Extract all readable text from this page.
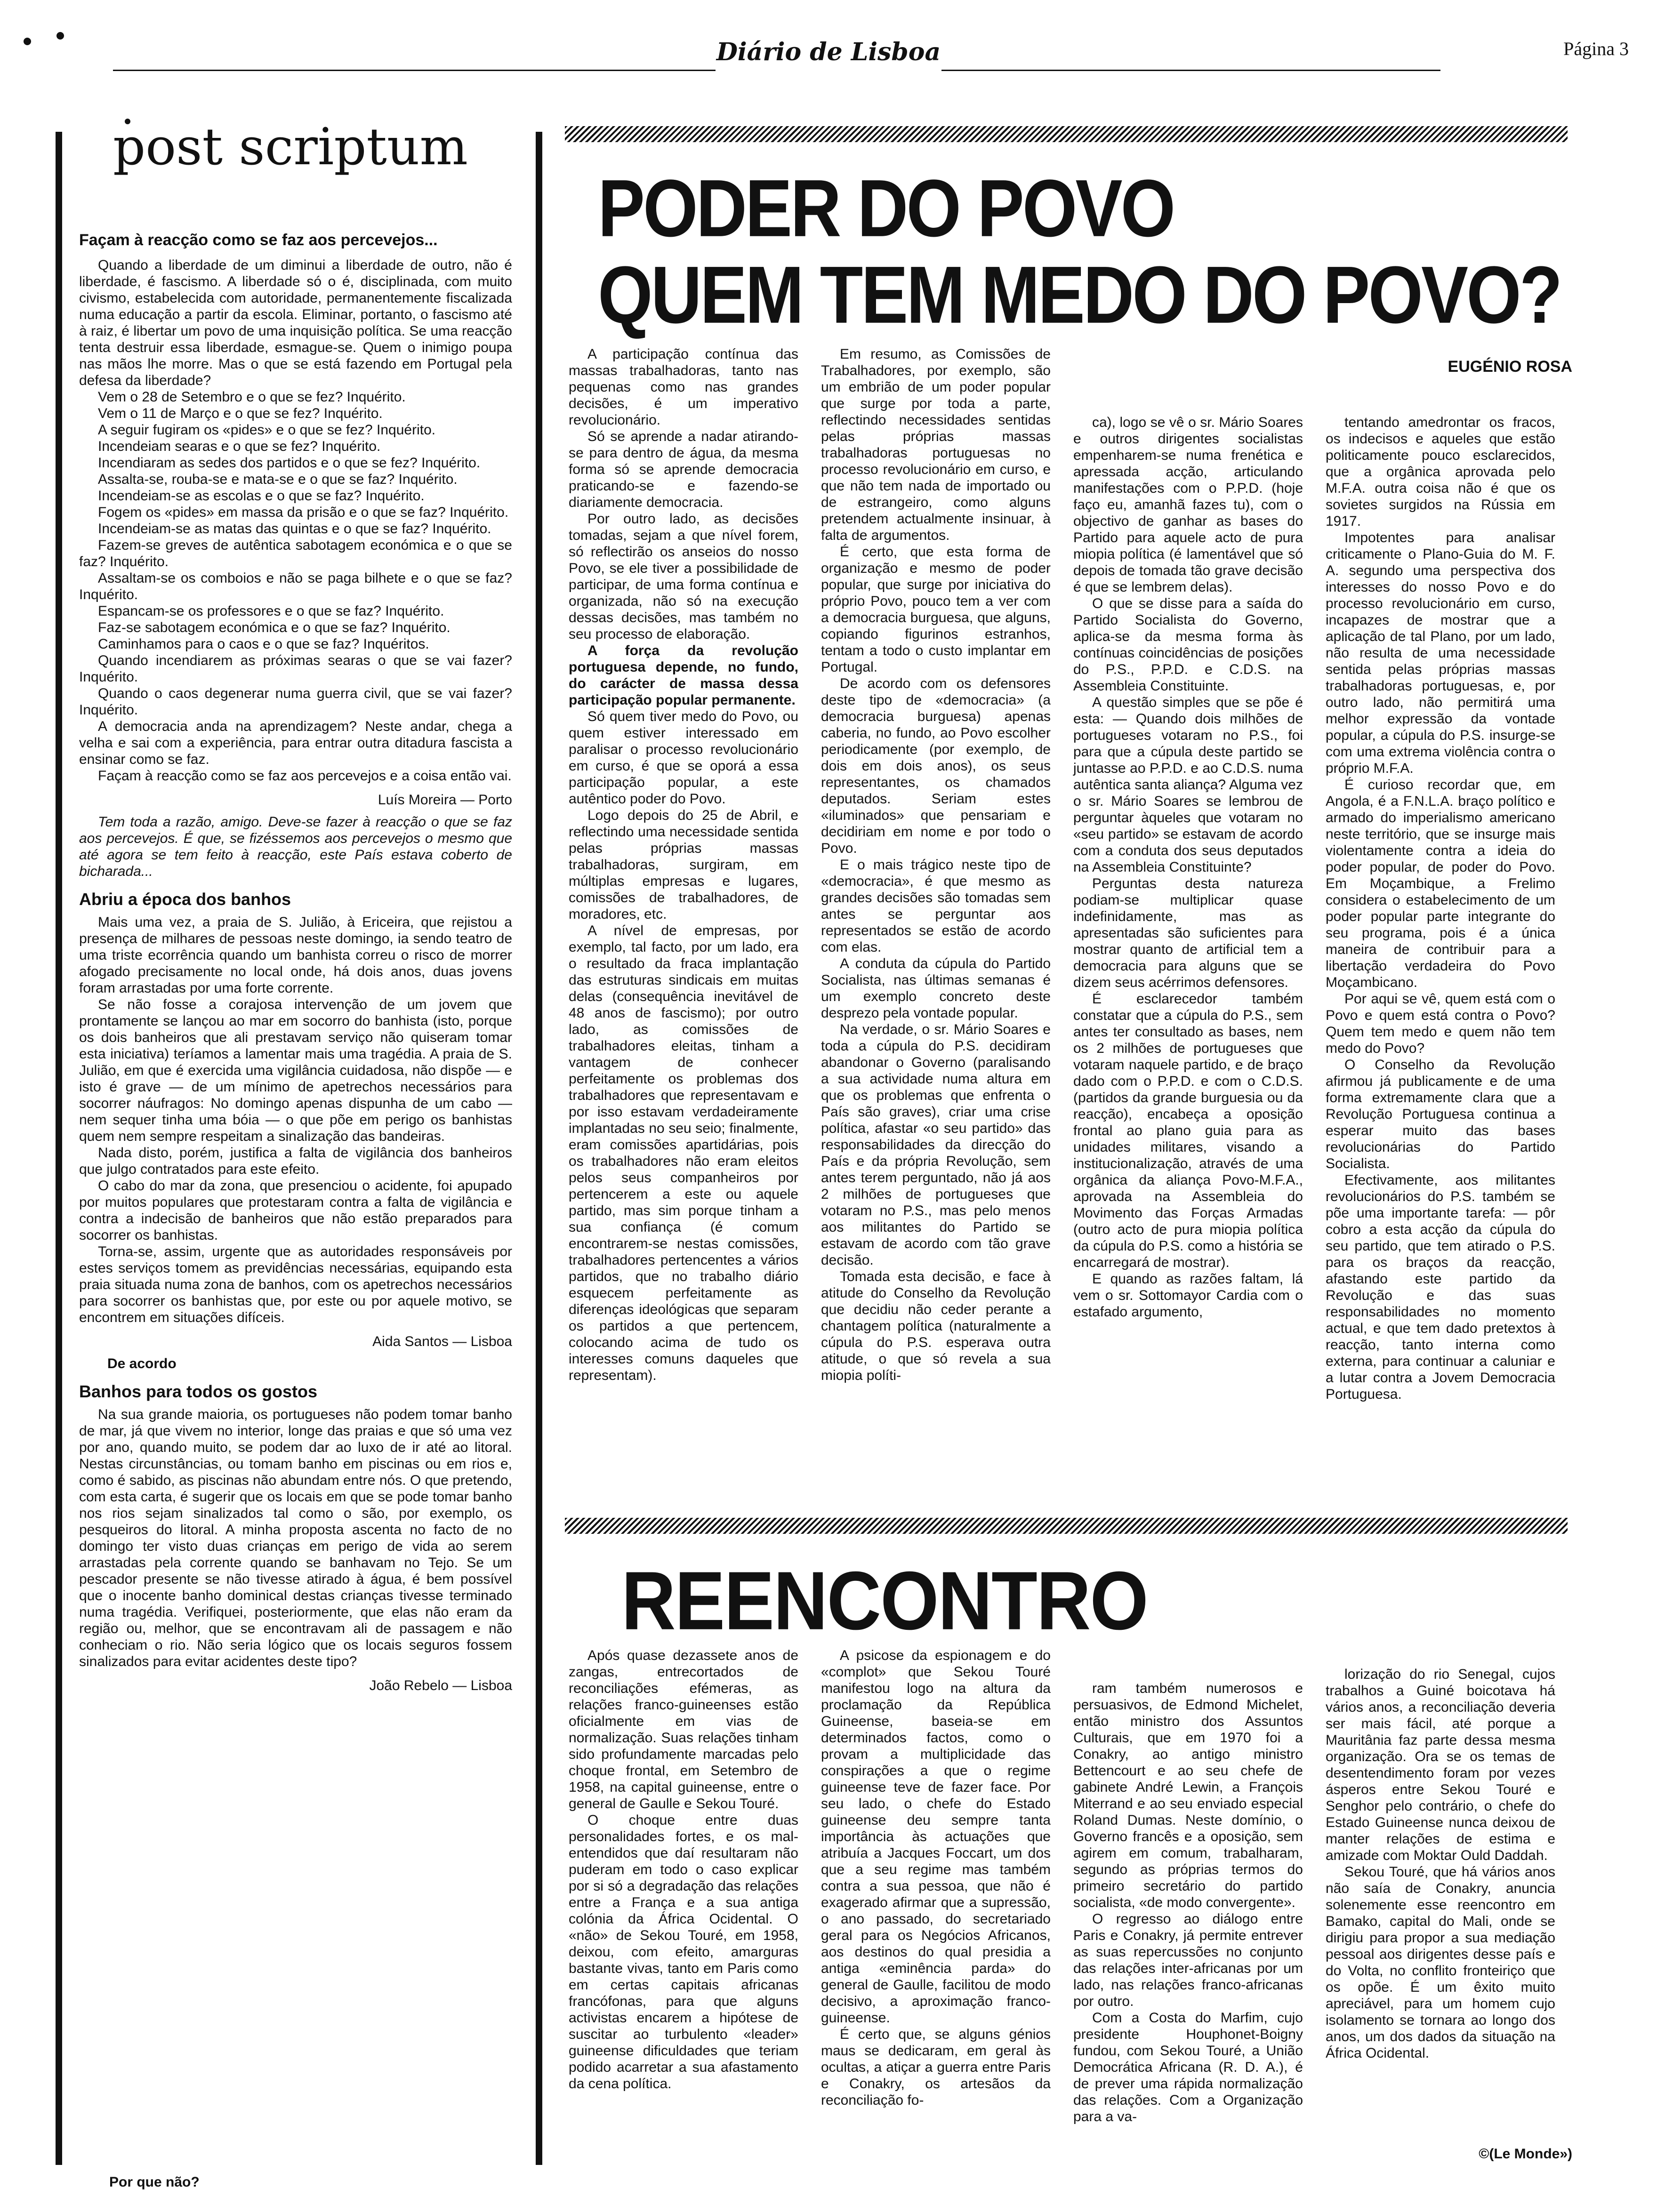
Diário de Lisboa	Página 3
post scriptum
Façam à reacção como se faz aos percevejos...

Quando a liberdade de um diminui a liberdade de outro, não é liberdade, é fascismo. A liberdade só o é, disciplinada, com muito civismo, estabelecida com autoridade, permanentemente fiscalizada numa educação a partir da escola. Eliminar, portanto, o fascismo até à raiz, é libertar um povo de uma inquisição política. Se uma reacção tenta destruir essa liberdade, esmague-se. Quem o inimigo poupa nas mãos lhe morre. Mas o que se está fazendo em Portugal pela defesa da liberdade?

Vem o 28 de Setembro e o que se fez? Inquérito.

Vem o 11 de Março e o que se fez? Inquérito.

A seguir fugiram os «pides» e o que se fez? Inquérito.

Incendeiam searas e o que se fez? Inquérito.

Incendiaram as sedes dos partidos e o que se fez? Inquérito.

Assalta-se, rouba-se e mata-se e o que se faz? Inquérito.

Incendeiam-se as escolas e o que se faz? Inquérito.

Fogem os «pides» em massa da prisão e o que se faz? Inquérito.

Incendeiam-se as matas das quintas e o que se faz? Inquérito.

Fazem-se greves de autêntica sabotagem económica e o que se faz? Inquérito.

Assaltam-se os comboios e não se paga bilhete e o que se faz? Inquérito.

Espancam-se os professores e o que se faz? Inquérito.

Faz-se sabotagem económica e o que se faz? Inquérito.

Caminhamos para o caos e o que se faz? Inquéritos.

Quando incendiarem as próximas searas o que se vai fazer? Inquérito.

Quando o caos degenerar numa guerra civil, que se vai fazer? Inquérito.

A democracia anda na aprendizagem? Neste andar, chega a velha e sai com a experiência, para entrar outra ditadura fascista a ensinar como se faz.

Façam à reacção como se faz aos percevejos e a coisa então vai.

Luís Moreira — Porto

Tem toda a razão, amigo. Deve-se fazer à reacção o que se faz aos percevejos. É que, se fizéssemos aos percevejos o mesmo que até agora se tem feito à reacção, este País estava coberto de bicharada...

Abriu a época dos banhos

Mais uma vez, a praia de S. Julião, à Ericeira, que rejistou a presença de milhares de pessoas neste domingo, ia sendo teatro de uma triste ecorrência quando um banhista correu o risco de morrer afogado precisamente no local onde, há dois anos, duas jovens foram arrastadas por uma forte corrente.

Se não fosse a corajosa intervenção de um jovem que prontamente se lançou ao mar em socorro do banhista (isto, porque os dois banheiros que ali prestavam serviço não quiseram tomar esta iniciativa) teríamos a lamentar mais uma tragédia. A praia de S. Julião, em que é exercida uma vigilância cuidadosa, não dispõe — e isto é grave — de um mínimo de apetrechos necessários para socorrer náufragos: No domingo apenas dispunha de um cabo — nem sequer tinha uma bóia — o que põe em perigo os banhistas quem nem sempre respeitam a sinalização das bandeiras.

Nada disto, porém, justifica a falta de vigilância dos banheiros que julgo contratados para este efeito.

O cabo do mar da zona, que presenciou o acidente, foi apupado por muitos populares que protestaram contra a falta de vigilância e contra a indecisão de banheiros que não estão preparados para socorrer os banhistas.

Torna-se, assim, urgente que as autoridades responsáveis por estes serviços tomem as previdências necessárias, equipando esta praia situada numa zona de banhos, com os apetrechos necessários para socorrer os banhistas que, por este ou por aquele motivo, se encontrem em situações difíceis.

Aida Santos — Lisboa

De acordo

Banhos para todos os gostos

Na sua grande maioria, os portugueses não podem tomar banho de mar, já que vivem no interior, longe das praias e que só uma vez por ano, quando muito, se podem dar ao luxo de ir até ao litoral. Nestas circunstâncias, ou tomam banho em piscinas ou em rios e, como é sabido, as piscinas não abundam entre nós. O que pretendo, com esta carta, é sugerir que os locais em que se pode tomar banho nos rios sejam sinalizados tal como o são, por exemplo, os pesqueiros do litoral. A minha proposta ascenta no facto de no domingo ter visto duas crianças em perigo de vida ao serem arrastadas pela corrente quando se banhavam no Tejo. Se um pescador presente se não tivesse atirado à água, é bem possível que o inocente banho dominical destas crianças tivesse terminado numa tragédia. Verifiquei, posteriormente, que elas não eram da região ou, melhor, que se encontravam ali de passagem e não conheciam o rio. Não seria lógico que os locais seguros fossem sinalizados para evitar acidentes deste tipo?

João Rebelo — Lisboa
Por que não?
PODER DO POVO
QUEM TEM MEDO DO POVO?
EUGÉNIO ROSA

A participação contínua das massas trabalhadoras, tanto nas pequenas como nas grandes decisões, é um imperativo revolucionário.

Só se aprende a nadar atirando-se para dentro de água, da mesma forma só se aprende democracia praticando-se e fazendo-se diariamente democracia.

Por outro lado, as decisões tomadas, sejam a que nível forem, só reflectirão os anseios do nosso Povo, se ele tiver a possibilidade de participar, de uma forma contínua e organizada, não só na execução dessas decisões, mas também no seu processo de elaboração.

A força da revolução portuguesa depende, no fundo, do carácter de massa dessa participação popular permanente.

Só quem tiver medo do Povo, ou quem estiver interessado em paralisar o processo revolucionário em curso, é que se oporá a essa participação popular, a este autêntico poder do Povo.

Logo depois do 25 de Abril, e reflectindo uma necessidade sentida pelas próprias massas trabalhadoras, surgiram, em múltiplas empresas e lugares, comissões de trabalhadores, de moradores, etc.

A nível de empresas, por exemplo, tal facto, por um lado, era o resultado da fraca implantação das estruturas sindicais em muitas delas (consequência inevitável de 48 anos de fascismo); por outro lado, as comissões de trabalhadores eleitas, tinham a vantagem de conhecer perfeitamente os problemas dos trabalhadores que representavam e por isso estavam verdadeiramente implantadas no seu seio; finalmente, eram comissões apartidárias, pois os trabalhadores não eram eleitos pelos seus companheiros por pertencerem a este ou aquele partido, mas sim porque tinham a sua confiança (é comum encontrarem-se nestas comissões, trabalhadores pertencentes a vários partidos, que no trabalho diário esquecem perfeitamente as diferenças ideológicas que separam os partidos a que pertencem, colocando acima de tudo os interesses comuns daqueles que representam).

Em resumo, as Comissões de Trabalhadores, por exemplo, são um embrião de um poder popular que surge por toda a parte, reflectindo necessidades sentidas pelas próprias massas trabalhadoras portuguesas no processo revolucionário em curso, e que não tem nada de importado ou de estrangeiro, como alguns pretendem actualmente insinuar, à falta de argumentos.

É certo, que esta forma de organização e mesmo de poder popular, que surge por iniciativa do próprio Povo, pouco tem a ver com a democracia burguesa, que alguns, copiando figurinos estranhos, tentam a todo o custo implantar em Portugal.

De acordo com os defensores deste tipo de «democracia» (a democracia burguesa) apenas caberia, no fundo, ao Povo escolher periodicamente (por exemplo, de dois em dois anos), os seus representantes, os chamados deputados. Seriam estes «iluminados» que pensariam e decidiriam em nome e por todo o Povo.

E o mais trágico neste tipo de «democracia», é que mesmo as grandes decisões são tomadas sem antes se perguntar aos representados se estão de acordo com elas.

A conduta da cúpula do Partido Socialista, nas últimas semanas é um exemplo concreto deste desprezo pela vontade popular.

Na verdade, o sr. Mário Soares e toda a cúpula do P.S. decidiram abandonar o Governo (paralisando a sua actividade numa altura em que os problemas que enfrenta o País são graves), criar uma crise política, afastar «o seu partido» das responsabilidades da direcção do País e da própria Revolução, sem antes terem perguntado, não já aos 2 milhões de portugueses que votaram no P.S., mas pelo menos aos militantes do Partido se estavam de acordo com tão grave decisão.

Tomada esta decisão, e face à atitude do Conselho da Revolução que decidiu não ceder perante a chantagem política (naturalmente a cúpula do P.S. esperava outra atitude, o que só revela a sua miopia políti-

ca), logo se vê o sr. Mário Soares e outros dirigentes socialistas empenharem-se numa frenética e apressada acção, articulando manifestações com o P.P.D. (hoje faço eu, amanhã fazes tu), com o objectivo de ganhar as bases do Partido para aquele acto de pura miopia política (é lamentável que só depois de tomada tão grave decisão é que se lembrem delas).

O que se disse para a saída do Partido Socialista do Governo, aplica-se da mesma forma às contínuas coincidências de posições do P.S., P.P.D. e C.D.S. na Assembleia Constituinte.

A questão simples que se põe é esta: — Quando dois milhões de portugueses votaram no P.S., foi para que a cúpula deste partido se juntasse ao P.P.D. e ao C.D.S. numa autêntica santa aliança? Alguma vez o sr. Mário Soares se lembrou de perguntar àqueles que votaram no «seu partido» se estavam de acordo com a conduta dos seus deputados na Assembleia Constituinte?

Perguntas desta natureza podiam-se multiplicar quase indefinidamente, mas as apresentadas são suficientes para mostrar quanto de artificial tem a democracia para alguns que se dizem seus acérrimos defensores.

É esclarecedor também constatar que a cúpula do P.S., sem antes ter consultado as bases, nem os 2 milhões de portugueses que votaram naquele partido, e de braço dado com o P.P.D. e com o C.D.S. (partidos da grande burguesia ou da reacção), encabeça a oposição frontal ao plano guia para as unidades militares, visando a institucionalização, através de uma orgânica da aliança Povo-M.F.A., aprovada na Assembleia do Movimento das Forças Armadas (outro acto de pura miopia política da cúpula do P.S. como a história se encarregará de mostrar).

E quando as razões faltam, lá vem o sr. Sottomayor Cardia com o estafado argumento,

tentando amedrontar os fracos, os indecisos e aqueles que estão politicamente pouco esclarecidos, que a orgânica aprovada pelo M.F.A. outra coisa não é que os sovietes surgidos na Rússia em 1917.

Impotentes para analisar criticamente o Plano-Guia do M. F. A. segundo uma perspectiva dos interesses do nosso Povo e do processo revolucionário em curso, incapazes de mostrar que a aplicação de tal Plano, por um lado, não resulta de uma necessidade sentida pelas próprias massas trabalhadoras portuguesas, e, por outro lado, não permitirá uma melhor expressão da vontade popular, a cúpula do P.S. insurge-se com uma extrema violência contra o próprio M.F.A.

É curioso recordar que, em Angola, é a F.N.L.A. braço político e armado do imperialismo americano neste território, que se insurge mais violentamente contra a ideia do poder popular, de poder do Povo. Em Moçambique, a Frelimo considera o estabelecimento de um poder popular parte integrante do seu programa, pois é a única maneira de contribuir para a libertação verdadeira do Povo Moçambicano.

Por aqui se vê, quem está com o Povo e quem está contra o Povo? Quem tem medo e quem não tem medo do Povo?

O Conselho da Revolução afirmou já publicamente e de uma forma extremamente clara que a Revolução Portuguesa continua a esperar muito das bases revolucionárias do Partido Socialista.

Efectivamente, aos militantes revolucionários do P.S. também se põe uma importante tarefa: — pôr cobro a esta acção da cúpula do seu partido, que tem atirado o P.S. para os braços da reacção, afastando este partido da Revolução e das suas responsabilidades no momento actual, e que tem dado pretextos à reacção, tanto interna como externa, para continuar a caluniar e a lutar contra a Jovem Democracia Portuguesa.

REENCONTRO

Após quase dezassete anos de zangas, entrecortados de reconciliações efémeras, as relações franco-guineenses estão oficialmente em vias de normalização. Suas relações tinham sido profundamente marcadas pelo choque frontal, em Setembro de 1958, na capital guineense, entre o general de Gaulle e Sekou Touré.

O choque entre duas personalidades fortes, e os mal-entendidos que daí resultaram não puderam em todo o caso explicar por si só a degradação das relações entre a França e a sua antiga colónia da África Ocidental. O «não» de Sekou Touré, em 1958, deixou, com efeito, amarguras bastante vivas, tanto em Paris como em certas capitais africanas francófonas, para que alguns activistas encarem a hipótese de suscitar ao turbulento «leader» guineense dificuldades que teriam podido acarretar a sua afastamento da cena política.

A psicose da espionagem e do «complot» que Sekou Touré manifestou logo na altura da proclamação da República Guineense, baseia-se em determinados factos, como o provam a multiplicidade das conspirações a que o regime guineense teve de fazer face. Por seu lado, o chefe do Estado guineense deu sempre tanta importância às actuações que atribuía a Jacques Foccart, um dos que a seu regime mas também contra a sua pessoa, que não é exagerado afirmar que a supressão, o ano passado, do secretariado geral para os Negócios Africanos, aos destinos do qual presidia a antiga «eminência parda» do general de Gaulle, facilitou de modo decisivo, a aproximação franco-guineense.

É certo que, se alguns génios maus se dedicaram, em geral às ocultas, a atiçar a guerra entre Paris e Conakry, os artesãos da reconciliação fo-

ram também numerosos e persuasivos, de Edmond Michelet, então ministro dos Assuntos Culturais, que em 1970 foi a Conakry, ao antigo ministro Bettencourt e ao seu chefe de gabinete André Lewin, a François Miterrand e ao seu enviado especial Roland Dumas. Neste domínio, o Governo francês e a oposição, sem agirem em comum, trabalharam, segundo as próprias termos do primeiro secretário do partido socialista, «de modo convergente».

O regresso ao diálogo entre Paris e Conakry, já permite entrever as suas repercussões no conjunto das relações inter-africanas por um lado, nas relações franco-africanas por outro.

Com a Costa do Marfim, cujo presidente Houphonet-Boigny fundou, com Sekou Touré, a União Democrática Africana (R. D. A.), é de prever uma rápida normalização das relações. Com a Organização para a va-

lorização do rio Senegal, cujos trabalhos a Guiné boicotava há vários anos, a reconciliação deveria ser mais fácil, até porque a Mauritânia faz parte dessa mesma organização. Ora se os temas de desentendimento foram por vezes ásperos entre Sekou Touré e Senghor pelo contrário, o chefe do Estado Guineense nunca deixou de manter relações de estima e amizade com Moktar Ould Daddah.

Sekou Touré, que há vários anos não saía de Conakry, anuncia solenemente esse reencontro em Bamako, capital do Mali, onde se dirigiu para propor a sua mediação pessoal aos dirigentes desse país e do Volta, no conflito fronteiriço que os opõe. É um êxito muito apreciável, para um homem cujo isolamento se tornara ao longo dos anos, um dos dados da situação na África Ocidental.

©(Le Monde»)
